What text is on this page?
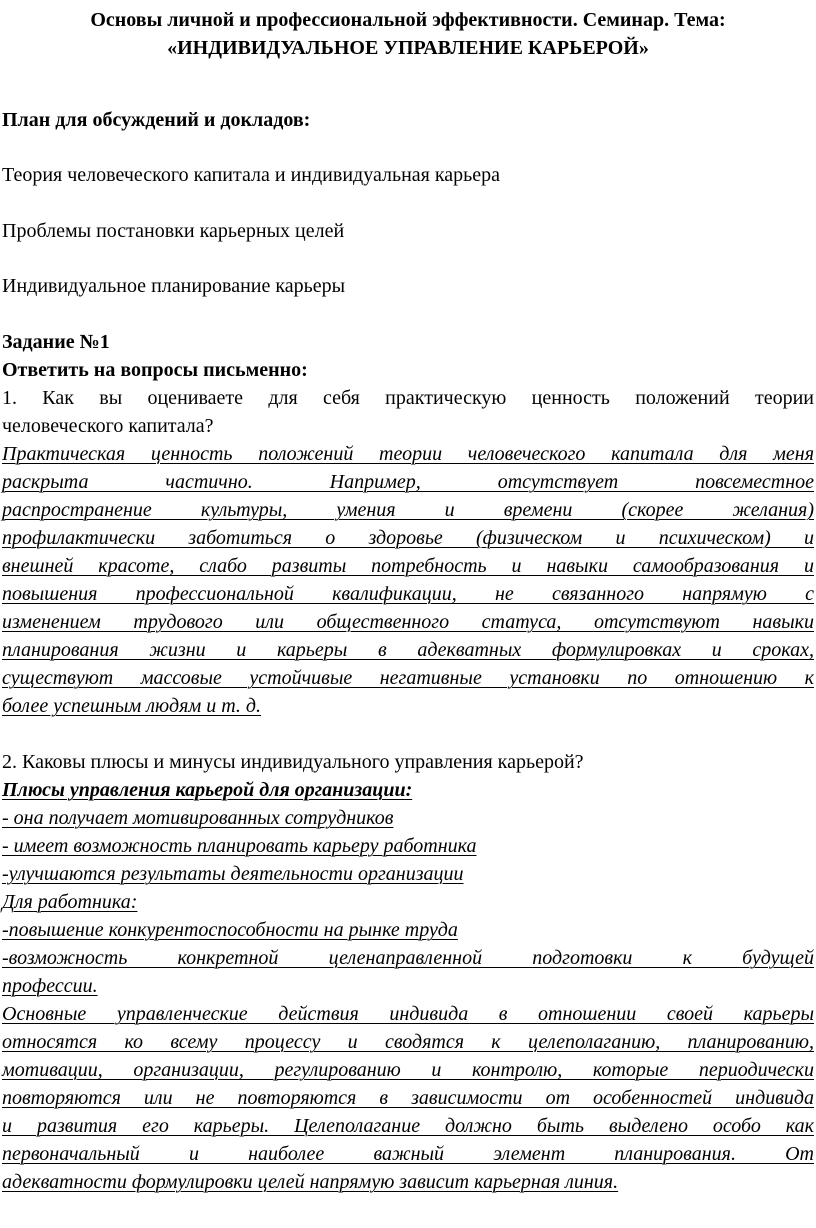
Основы личной и профессиональной эффективности. Семинар. Тема:

«ИНДИВИДУАЛЬНОЕ УПРАВЛЕНИЕ КАРЬЕРОЙ»

План для обсуждений и докладов:

Теория человеческого капитала и индивидуальная карьера

Проблемы постановки карьерных целей

Индивидуальное планирование карьеры

Задание №1

Ответить на вопросы письменно:

1. Как вы оцениваете для себя практическую ценность положений теории

человеческого капитала?

Практическая ценность положений теории человеческого капитала для меня

раскрыта частично. Например, отсутствует повсеместное

распространение культуры, умения и времени (скорее желания)

профилактически заботиться о здоровье (физическом и психическом) и

внешней красоте, слабо развиты потребность и навыки самообразования и

повышения профессиональной квалификации, не связанного напрямую с

изменением трудового или общественного статуса, отсутствуют навыки

планирования жизни и карьеры в адекватных формулировках и сроках,

существуют массовые устойчивые негативные установки по отношению к

более успешным людям и т. д.

2. Каковы плюсы и минусы индивидуального управления карьерой?

Плюсы управления карьерой для организации:

- она получает мотивированных сотрудников

- имеет возможность планировать карьеру работника

-улучшаются результаты деятельности организации

Для работника:

-повышение конкурентоспособности на рынке труда

-возможность конкретной целенаправленной подготовки к будущей

профессии.

Основные управленческие действия индивида в отношении своей карьеры

относятся ко всему процессу и сводятся к целеполаганию, планированию,

мотивации, организации, регулированию и контролю, которые периодически

повторяются или не повторяются в зависимости от особенностей индивида

и развития его карьеры. Целеполагание должно быть выделено особо как

первоначальный и наиболее важный элемент планирования. От

адекватности формулировки целей напрямую зависит карьерная линия.
